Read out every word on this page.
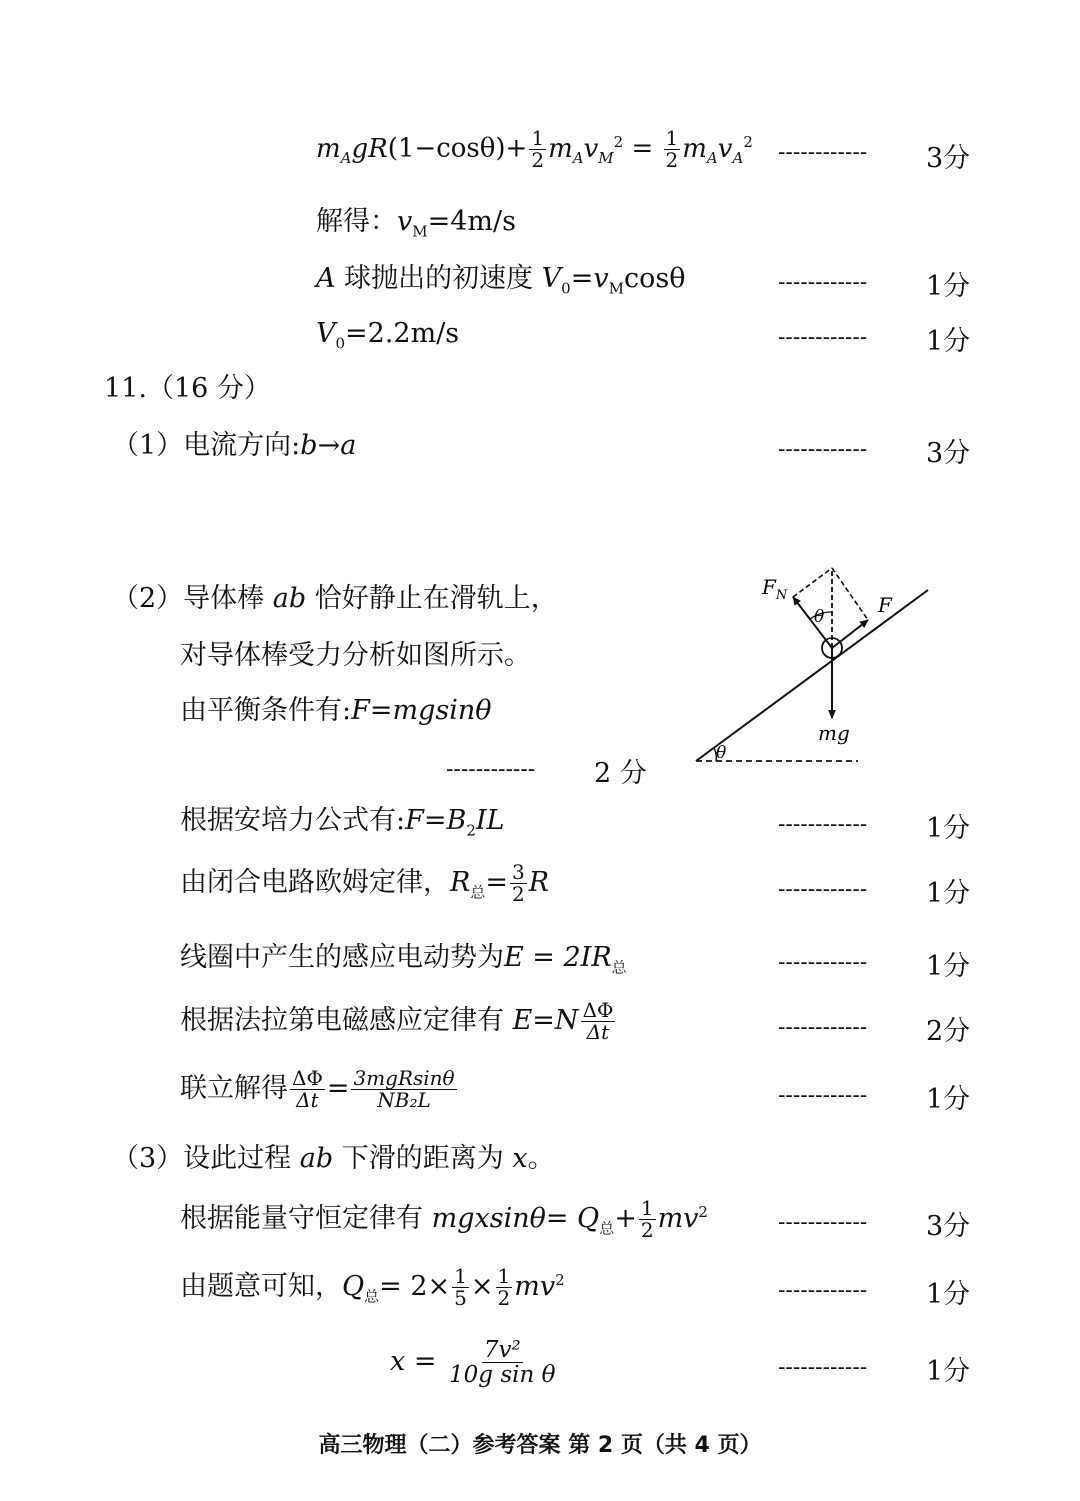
$m_AgR(1-\cos\theta)+ \frac{1}{2} m_Av_M^2 = \frac{1}{2} m_Av_A^2$ ------------ 3分
解得：$v_M=4m/s$
A 球抛出的初速度 $V_0=v_M\cos\theta$	------------ 1分
$V_0=2.2m/s$	------------ 1分
11.（16 分）
（1）电流方向:b→a	------------ 3分
（2）导体棒 ab 恰好静止在滑轨上，
对导体棒受力分析如图所示。
由平衡条件有:F=mgsinθ
------------ 2 分
$F_N$
θ	F
mg
θ
根据安培力公式有$:F=B_2IL$	------------ 1分
由闭合电路欧姆定律，$R_总= \frac{3}{2}$ R	------------ 1分
线圈中产生的感应电动势为$E = 2IR_总$	------------ 1分
根据法拉第电磁感应定律有 $E=N \frac{\Delta\Phi}{\Delta t}$	------------ 2分
联立解得 $\frac{\Delta\Phi}{\Delta t} = \frac{\text{3mgRsinθ}}{\text{NB₂L}}$	------------ 1分
（3）设此过程 ab 下滑的距离为 x。
根据能量守恒定律有 $mgxsin\theta= Q_总+ \frac{1}{2} mv^2$	------------ 3分
由题意可知，$Q_总= 2\times \frac{1}{5} \times \frac{1}{2} mv^2$	------------ 1分
$x = \frac{\text{7v²}}{\text{10g sin θ}}$	------------ 1分
高三物理（二）参考答案 第 2 页（共 4 页）
